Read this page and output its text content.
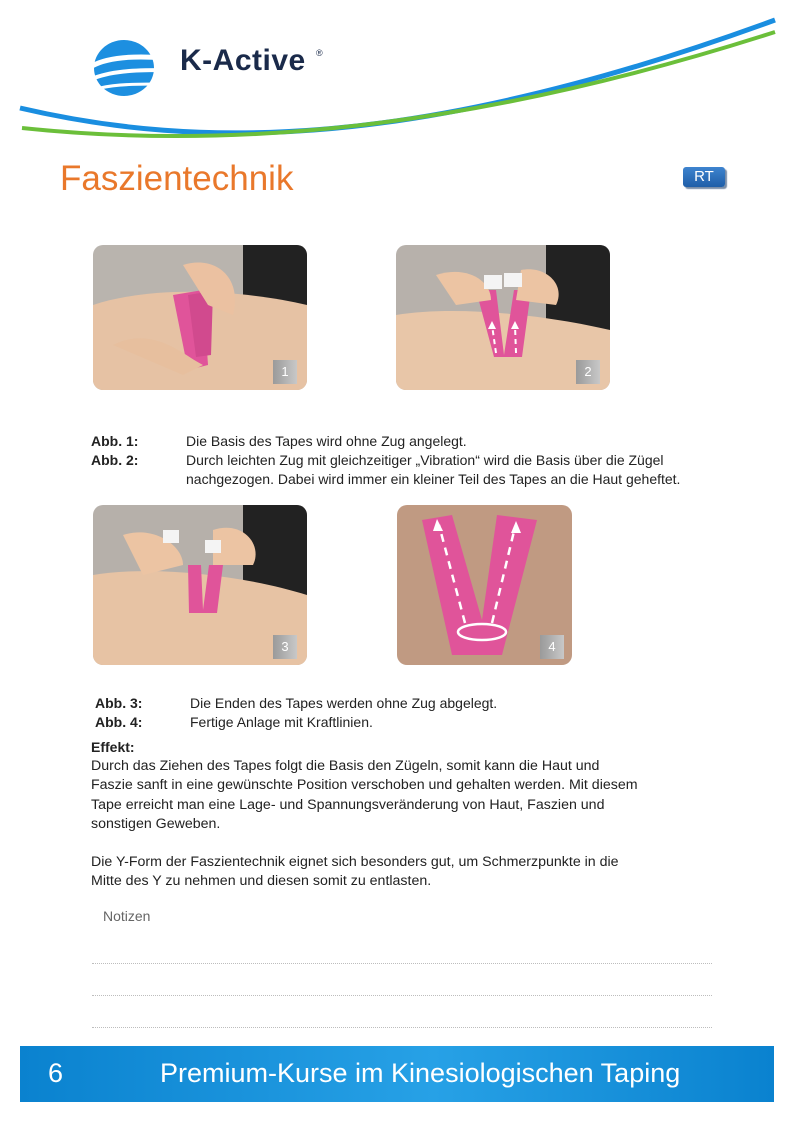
K-Active ®
Faszientechnik	RT
1	2
Abb. 1:	Die Basis des Tapes wird ohne Zug angelegt.
Abb. 2:	Durch leichten Zug mit gleichzeitiger „Vibration“ wird die Basis über die Zügel
nachgezogen. Dabei wird immer ein kleiner Teil des Tapes an die Haut geheftet.
3	4
Abb. 3:	Die Enden des Tapes werden ohne Zug abgelegt.
Abb. 4:	Fertige Anlage mit Kraftlinien.
Effekt:
Durch das Ziehen des Tapes folgt die Basis den Zügeln, somit kann die Haut und
Faszie sanft in eine gewünschte Position verschoben und gehalten werden. Mit diesem
Tape erreicht man eine Lage- und Spannungsveränderung von Haut, Faszien und
sonstigen Geweben.
Die Y-Form der Faszientechnik eignet sich besonders gut, um Schmerzpunkte in die
Mitte des Y zu nehmen und diesen somit zu entlasten.
Notizen
6	Premium-Kurse im Kinesiologischen Taping
